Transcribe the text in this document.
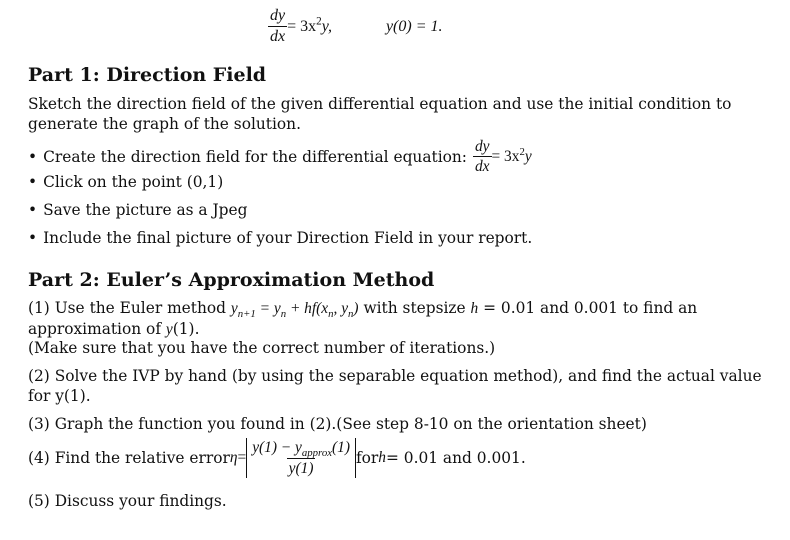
$\frac{dy}{dx} = 3x^2y$,	y(0) = 1.
Part 1: Direction Field

Sketch the direction field of the given differential equation and use the initial condition to generate the graph of the solution.

• Create the direction field for the differential equation: $\frac{dy}{dx} = 3x^2y$
• Click on the point (0,1)
• Save the picture as a Jpeg
• Include the final picture of your Direction Field in your report.
Part 2: Euler’s Approximation Method

(1) Use the Euler method $y_{n+1} = y_n + hf(x_n$, $y_n$) with stepsize h = 0.01 and 0.001 to find an approximation of y(1).

(Make sure that you have the correct number of iterations.)

(2) Solve the IVP by hand (by using the separable equation method), and find the actual value for y(1).

(3) Graph the function you found in (2).(See step 8-10 on the orientation sheet)

(4) Find the relative error $\eta = \frac{y(1) - y_{approx}(1)}{y(1)}$ for h = 0.01 and 0.001.

(5) Discuss your findings.
